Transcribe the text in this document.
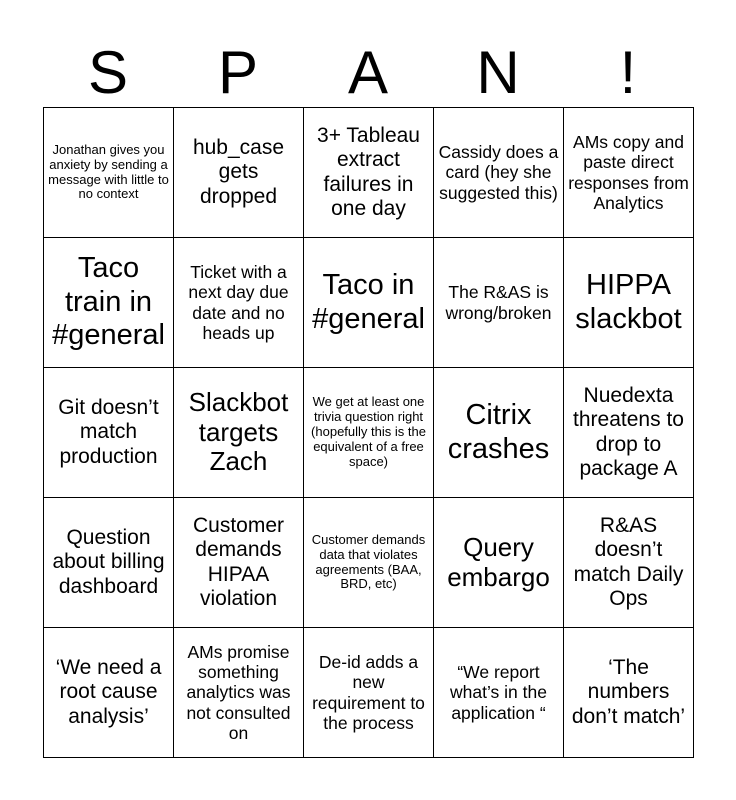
S	P	A	N	!
Jonathan gives you anxiety by sending a message with little to no context	hub_case gets dropped	3+ Tableau extract failures in one day	Cassidy does a card (hey she suggested this)	AMs copy and paste direct responses from Analytics
Taco train in #general	Ticket with a next day due date and no heads up	Taco in #general	The R&AS is wrong/broken	HIPPA slackbot
Git doesn’t match production	Slackbot targets Zach	We get at least one trivia question right (hopefully this is the equivalent of a free space)	Citrix crashes	Nuedexta threatens to drop to package A
Question about billing dashboard	Customer demands HIPAA violation	Customer demands data that violates agreements (BAA, BRD, etc)	Query embargo	R&AS doesn’t match Daily Ops
‘We need a root cause analysis’	AMs promise something analytics was not consulted on	De-id adds a new requirement to the process	“We report what’s in the application “	‘The numbers don’t match’
